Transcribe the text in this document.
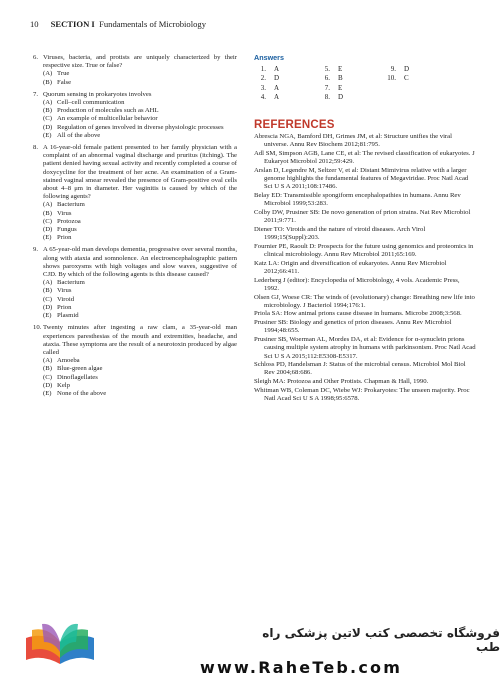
10 SECTION I Fundamentals of Microbiology
6. Viruses, bacteria, and protists are uniquely characterized by their respective size. True or false?
(A) True
(B) False
7. Quorum sensing in prokaryotes involves
(A) Cell–cell communication
(B) Production of molecules such as AHL
(C) An example of multicellular behavior
(D) Regulation of genes involved in diverse physiologic processes
(E) All of the above
8. A 16-year-old female patient presented to her family physician with a complaint of an abnormal vaginal discharge and pruritus (itching). The patient denied having sexual activity and recently completed a course of doxycycline for the treatment of her acne. An examination of a Gram-stained vaginal smear revealed the presence of Gram-positive oval cells about 4–8 μm in diameter. Her vaginitis is caused by which of the following agents?
(A) Bacterium
(B) Virus
(C) Protozoa
(D) Fungus
(E) Prion
9. A 65-year-old man develops dementia, progressive over several months, along with ataxia and somnolence. An electroencephalographic pattern shows paroxysms with high voltages and slow waves, suggestive of CJD. By which of the following agents is this disease caused?
(A) Bacterium
(B) Virus
(C) Viroid
(D) Prion
(E) Plasmid
10. Twenty minutes after ingesting a raw clam, a 35-year-old man experiences paresthesias of the mouth and extremities, headache, and ataxia. These symptoms are the result of a neurotoxin produced by algae called
(A) Amoeba
(B) Blue-green algae
(C) Dinoflagellates
(D) Kelp
(E) None of the above
Answers
1. A	5. E	9. D
2. D	6. B	10. C
3. A	7. E
4. A	8. D
REFERENCES
Abrescia NGA, Bamford DH, Grimes JM, et al: Structure unifies the viral universe. Annu Rev Biochem 2012;81:795.
Adl SM, Simpson AGB, Lane CE, et al: The revised classification of eukaryotes. J Eukaryot Microbiol 2012;59:429.
Arslan D, Legendre M, Seltzer V, et al: Distant Mimivirus relative with a larger genome highlights the fundamental features of Megaviridae. Proc Natl Acad Sci U S A 2011;108:17486.
Belay ED: Transmissible spongiform encephalopathies in humans. Annu Rev Microbiol 1999;53:283.
Colby DW, Prusiner SB: De novo generation of prion strains. Nat Rev Microbiol 2011;9:771.
Diener TO: Viroids and the nature of viroid diseases. Arch Virol 1999;15(Suppl):203.
Fournier PE, Raoult D: Prospects for the future using genomics and proteomics in clinical microbiology. Annu Rev Microbiol 2011;65:169.
Katz LA: Origin and diversification of eukaryotes. Annu Rev Microbiol 2012;66:411.
Lederberg J (editor): Encyclopedia of Microbiology, 4 vols. Academic Press, 1992.
Olsen GJ, Woese CR: The winds of (evolutionary) change: Breathing new life into microbiology. J Bacteriol 1994;176:1.
Priola SA: How animal prions cause disease in humans. Microbe 2008;3:568.
Prusiner SB: Biology and genetics of prion diseases. Annu Rev Microbiol 1994;48:655.
Prusiner SB, Woerman AL, Mordes DA, et al: Evidence for α-synuclein prions causing multiple system atrophy in humans with parkinsonism. Proc Natl Acad Sci U S A 2015;112:E5308-E5317.
Schloss PD, Handelsman J: Status of the microbial census. Microbiol Mol Biol Rev 2004;68:686.
Sleigh MA: Protozoa and Other Protists. Chapman & Hall, 1990.
Whitman WB, Coleman DC, Wiebe WJ: Prokaryotes: The unseen majority. Proc Natl Acad Sci U S A 1998;95:6578.
فروشگاه تخصصی کتب لاتین پزشکی راه طب
www.RaheTeb.com
